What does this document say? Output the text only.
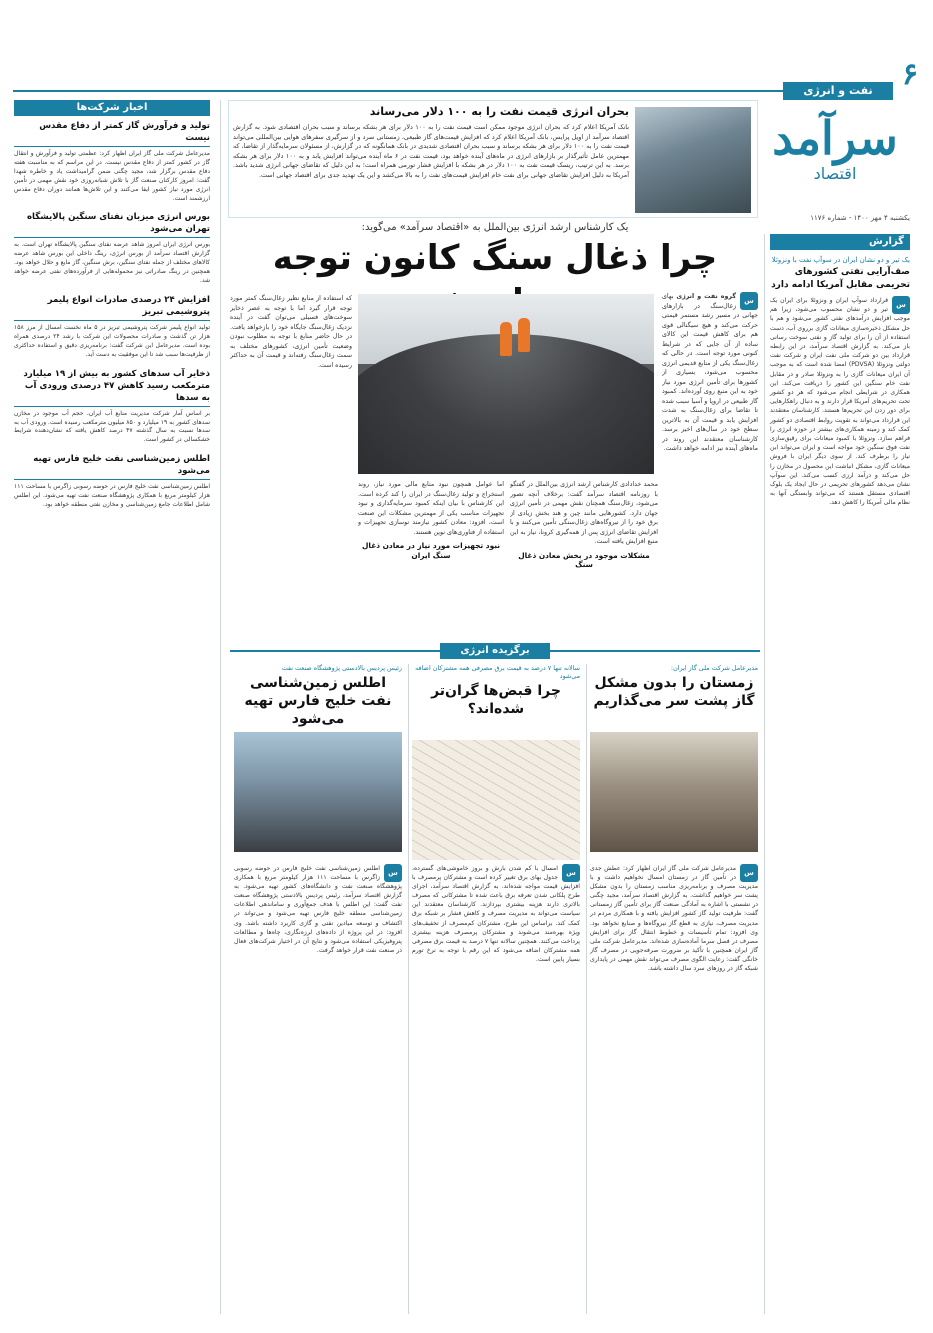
۶
نفت و انرژی
سرآمد
اقتصاد
یکشنبه ۴ مهر ۱۴۰۰ - شماره ۱۱۷۶
گزارش
اخبار شرکت‌ها	بحران انرژی قیمت نفت را به ۱۰۰ دلار می‌رساند
بانک آمریکا اعلام کرد که بحران انرژی موجود ممکن است قیمت نفت را به ۱۰۰ دلار برای هر بشکه برساند و سبب بحران اقتصادی شود. به گزارش اقتصاد سرآمد از اویل پرایس، بانک آمریکا اعلام کرد که افزایش قیمت‌های گاز طبیعی، زمستانی سرد و از سرگیری سفرهای هوایی بین‌المللی می‌تواند قیمت نفت را به ۱۰۰ دلار برای هر بشکه برساند و سبب بحران اقتصادی شدیدی در بانک همانگونه که در گزارش، از مسئولان سرمایه‌گذار از تقاضا، که مهمترین عامل تأثیرگذار بر بازارهای انرژی در ماه‌های آینده خواهد بود، قیمت نفت در ۶ ماه آینده می‌تواند افزایش یابد و به ۱۰۰ دلار برای هر بشکه برسد. به این ترتیب، ریسک قیمت نفت به ۱۰۰ دلار در هر بشکه با افزایش فشار تورمی همراه است؛ به این دلیل که تقاضای جهانی انرژی شدید باشد. آمریکا به دلیل افزایش تقاضای جهانی برای نفت خام افزایش قیمت‌های نفت را به بالا می‌کشد و این یک تهدید جدی برای اقتصاد جهانی است.
یک تیر و دو نشان ایران در سوآپ نفت با ونزوئلا
صف‌آرایی نفتی کشورهای تحریمی مقابل آمریکا ادامه دارد
س
قرارداد سوآپ ایران و ونزوئلا برای ایران یک تیر و دو نشان محسوب می‌شود، زیرا هم موجب افزایش درآمدهای نفتی کشور می‌شود و هم با حل مشکل ذخیره‌سازی میعانات گازی برروی آب، دست استفاده از آن را برای تولید گاز و نفتی سوخت رسانی باز می‌کند. به گزارش اقتصاد سرآمد، در این رابطه قرارداد بین دو شرکت ملی نفت ایران و شرکت نفت دولتی ونزوئلا (PDVSA) امضا شده است که به موجب آن ایران میعانات گازی را به ونزوئلا صادر و در مقابل نفت خام سنگین این کشور را دریافت می‌کند. این همکاری در شرایطی انجام می‌شود که هر دو کشور تحت تحریم‌های آمریکا قرار دارند و به دنبال راهکارهایی برای دور زدن این تحریم‌ها هستند. کارشناسان معتقدند این قرارداد می‌تواند به تقویت روابط اقتصادی دو کشور کمک کند و زمینه همکاری‌های بیشتر در حوزه انرژی را فراهم سازد. ونزوئلا با کمبود میعانات برای رقیق‌سازی نفت فوق سنگین خود مواجه است و ایران می‌تواند این نیاز را برطرف کند. از سوی دیگر ایران با فروش میعانات گازی، مشکل انباشت این محصول در مخازن را حل می‌کند و درآمد ارزی کسب می‌کند. این سوآپ نشان می‌دهد کشورهای تحریمی در حال ایجاد یک بلوک اقتصادی مستقل هستند که می‌تواند وابستگی آنها به نظام مالی آمریکا را کاهش دهد.
تولید و فرآورش گاز کمتر از دفاع مقدس نیست
مدیرعامل شرکت ملی گاز ایران اظهار کرد: عظمتی تولید و فرآورش و انتقال گاز در کشور کمتر از دفاع مقدس نیست. در این مراسم که به مناسبت هفته دفاع مقدس برگزار شد، مجید چگنی ضمن گرامیداشت یاد و خاطره شهدا گفت: امروز کارکنان صنعت گاز با تلاش شبانه‌روزی خود نقش مهمی در تأمین انرژی مورد نیاز کشور ایفا می‌کنند و این تلاش‌ها همانند دوران دفاع مقدس ارزشمند است.
بورس انرژی میزبان نفتای سنگین پالایشگاه تهران می‌شود
بورس انرژی ایران امروز شاهد عرضه نفتای سنگین پالایشگاه تهران است. به گزارش اقتصاد سرآمد از بورس انرژی، رینگ داخلی این بورس شاهد عرضه کالاهای مختلف از جمله نفتای سنگین، برش سنگین، گاز مایع و حلال خواهد بود. همچنین در رینگ صادراتی نیز محموله‌هایی از فرآورده‌های نفتی عرضه خواهد شد.
افزایش ۲۴ درصدی صادرات انواع پلیمر پتروشیمی تبریز
تولید انواع پلیمر شرکت پتروشیمی تبریز در ۵ ماه نخست امسال از مرز ۱۵۸ هزار تن گذشت و صادرات محصولات این شرکت با رشد ۲۴ درصدی همراه بوده است. مدیرعامل این شرکت گفت: برنامه‌ریزی دقیق و استفاده حداکثری از ظرفیت‌ها سبب شد تا این موفقیت به دست آید.
ذخایر آب سدهای کشور به بیش از ۱۹ میلیارد مترمکعب رسید کاهش ۴۷ درصدی ورودی آب به سدها
بر اساس آمار شرکت مدیریت منابع آب ایران، حجم آب موجود در مخازن سدهای کشور به ۱۹ میلیارد و ۸۵۰ میلیون مترمکعب رسیده است. ورودی آب به سدها نسبت به سال گذشته ۴۷ درصد کاهش یافته که نشان‌دهنده شرایط خشکسالی در کشور است.
اطلس زمین‌شناسی نفت خلیج فارس تهیه می‌شود
اطلس زمین‌شناسی نفت خلیج فارس در حوضه رسوبی زاگرس با مساحت ۱۱۱ هزار کیلومتر مربع با همکاری پژوهشگاه صنعت نفت تهیه می‌شود. این اطلس شامل اطلاعات جامع زمین‌شناسی و مخازن نفتی منطقه خواهد بود.
یک کارشناس ارشد انرژی بین‌الملل به «اقتصاد سرآمد» می‌گوید:
چرا ذغال سنگ کانون توجه
س
گروه نفت و انرژی بهای زغال‌سنگ در بازارهای جهانی در مسیر رشد مستمر قیمتی حرکت می‌کند و هیچ سیگنالی قوی هم برای کاهش قیمت این کالای ساده از آن جایی که در شرایط کنونی مورد توجه است. در حالی که زغال‌سنگ یکی از منابع قدیمی انرژی محسوب می‌شود، بسیاری از کشورها برای تأمین انرژی مورد نیاز خود به این منبع روی آورده‌اند. کمبود گاز طبیعی در اروپا و آسیا سبب شده تا تقاضا برای زغال‌سنگ به شدت افزایش یابد و قیمت آن به بالاترین سطح خود در سال‌های اخیر برسد. کارشناسان معتقدند این روند در ماه‌های آینده نیز ادامه خواهد داشت.
که استفاده از منابع نظیر زغال‌سنگ کمتر مورد توجه قرار گیرد اما با توجه به عصر ذخایر سوخت‌های فسیلی می‌توان گفت در آینده نزدیک زغال‌سنگ جایگاه خود را بازخواهد یافت. در حال حاضر منابع با توجه به مطلوب نبودن وضعیت تأمین انرژی، کشورهای مختلف به سمت زغال‌سنگ رفته‌اند و قیمت آن به حداکثر رسیده است.
محمد خدادادی کارشناس ارشد انرژی بین‌الملل در گفتگو با روزنامه اقتصاد سرآمد گفت: برخلاف آنچه تصور می‌شود، زغال‌سنگ همچنان نقش مهمی در تأمین انرژی جهان دارد. کشورهایی مانند چین و هند بخش زیادی از برق خود را از نیروگاه‌های زغال‌سنگی تأمین می‌کنند و با افزایش تقاضای انرژی پس از همه‌گیری کرونا، نیاز به این منبع افزایش یافته است.
مشکلات موجود در بخش معادن ذغال سنگ
اما عوامل همچون نبود منابع مالی مورد نیاز، روند استخراج و تولید زغال‌سنگ در ایران را کند کرده است. این کارشناس با بیان اینکه کمبود سرمایه‌گذاری و نبود تجهیزات مناسب یکی از مهمترین مشکلات این صنعت است، افزود: معادن کشور نیازمند نوسازی تجهیزات و استفاده از فناوری‌های نوین هستند.
نبود تجهیزات مورد نیاز در معادن ذغال سنگ ایران
برگزیده انرژی
مدیرعامل شرکت ملی گاز ایران:
زمستان را بدون مشکل گاز پشت سر می‌گذاریم
سالانه تنها ۷ درصد به قیمت برق مصرفی همه مشترکان اضافه می‌شود
چرا قبض‌ها گران‌تر شده‌اند؟
رئیس پردیس بالادستی پژوهشگاه صنعت نفت
اطلس زمین‌شناسی نفت خلیج فارس تهیه می‌شود
س
مدیرعامل شرکت ملی گاز ایران اظهار کرد: عطش جدی در تأمین گاز در زمستان امسال نخواهیم داشت و با مدیریت مصرف و برنامه‌ریزی مناسب زمستان را بدون مشکل پشت سر خواهیم گذاشت. به گزارش اقتصاد سرآمد، مجید چگنی در نشستی با اشاره به آمادگی صنعت گاز برای تأمین گاز زمستانی گفت: ظرفیت تولید گاز کشور افزایش یافته و با همکاری مردم در مدیریت مصرف، نیازی به قطع گاز نیروگاه‌ها و صنایع نخواهد بود. وی افزود: تمام تأسیسات و خطوط انتقال گاز برای افزایش مصرف در فصل سرما آماده‌سازی شده‌اند. مدیرعامل شرکت ملی گاز ایران همچنین با تأکید بر ضرورت صرفه‌جویی در مصرف گاز خانگی گفت: رعایت الگوی مصرف می‌تواند نقش مهمی در پایداری شبکه گاز در روزهای سرد سال داشته باشد.
س
امسال با کم شدن بارش و بروز خاموشی‌های گسترده، جدول بهای برق تغییر کرده است و مشترکان پرمصرف با افزایش قیمت مواجه شده‌اند. به گزارش اقتصاد سرآمد، اجرای طرح پلکانی شدن تعرفه برق باعث شده تا مشترکانی که مصرف بالاتری دارند هزینه بیشتری بپردازند. کارشناسان معتقدند این سیاست می‌تواند به مدیریت مصرف و کاهش فشار بر شبکه برق کمک کند. براساس این طرح، مشترکان کم‌مصرف از تخفیف‌های ویژه بهره‌مند می‌شوند و مشترکان پرمصرف هزینه بیشتری پرداخت می‌کنند. همچنین سالانه تنها ۷ درصد به قیمت برق مصرفی همه مشترکان اضافه می‌شود که این رقم با توجه به نرخ تورم بسیار پایین است.
س
اطلس زمین‌شناسی نفت خلیج فارس در حوضه رسوبی زاگرس با مساحت ۱۱۱ هزار کیلومتر مربع با همکاری پژوهشگاه صنعت نفت و دانشگاه‌های کشور تهیه می‌شود. به گزارش اقتصاد سرآمد، رئیس پردیس بالادستی پژوهشگاه صنعت نفت گفت: این اطلس با هدف جمع‌آوری و ساماندهی اطلاعات زمین‌شناسی منطقه خلیج فارس تهیه می‌شود و می‌تواند در اکتشاف و توسعه میادین نفتی و گازی کاربرد داشته باشد. وی افزود: در این پروژه از داده‌های لرزه‌نگاری، چاه‌ها و مطالعات پتروفیزیکی استفاده می‌شود و نتایج آن در اختیار شرکت‌های فعال در صنعت نفت قرار خواهد گرفت.
